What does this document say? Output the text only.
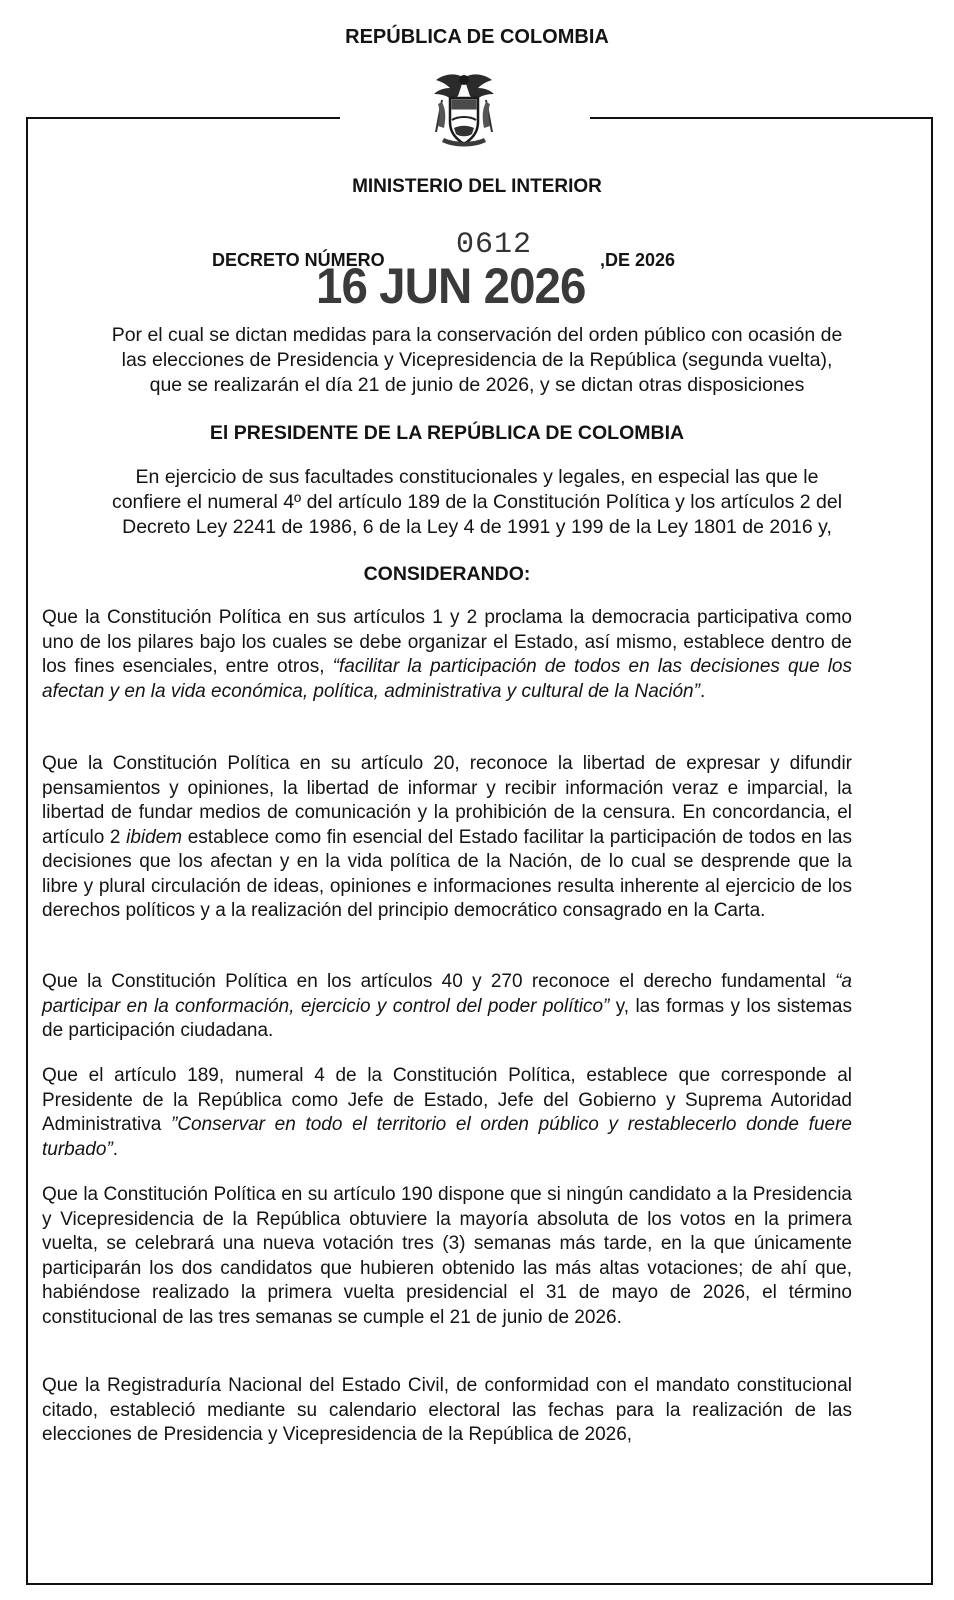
REPÚBLICA DE COLOMBIA
MINISTERIO DEL INTERIOR
DECRETO NÚMERO 0612	,DE 2026
16 JUN 2026
Por el cual se dictan medidas para la conservación del orden público con ocasión de
las elecciones de Presidencia y Vicepresidencia de la República (segunda vuelta),
que se realizarán el día 21 de junio de 2026, y se dictan otras disposiciones
El PRESIDENTE DE LA REPÚBLICA DE COLOMBIA
En ejercicio de sus facultades constitucionales y legales, en especial las que le
confiere el numeral 4º del artículo 189 de la Constitución Política y los artículos 2 del
Decreto Ley 2241 de 1986, 6 de la Ley 4 de 1991 y 199 de la Ley 1801 de 2016 y,
CONSIDERANDO:
Que la Constitución Política en sus artículos 1 y 2 proclama la democracia participativa como uno de los pilares bajo los cuales se debe organizar el Estado, así mismo, establece dentro de los fines esenciales, entre otros, “facilitar la participación de todos en las decisiones que los afectan y en la vida económica, política, administrativa y cultural de la Nación”.
Que la Constitución Política en su artículo 20, reconoce la libertad de expresar y difundir pensamientos y opiniones, la libertad de informar y recibir información veraz e imparcial, la libertad de fundar medios de comunicación y la prohibición de la censura. En concordancia, el artículo 2 ibidem establece como fin esencial del Estado facilitar la participación de todos en las decisiones que los afectan y en la vida política de la Nación, de lo cual se desprende que la libre y plural circulación de ideas, opiniones e informaciones resulta inherente al ejercicio de los derechos políticos y a la realización del principio democrático consagrado en la Carta.
Que la Constitución Política en los artículos 40 y 270 reconoce el derecho fundamental “a participar en la conformación, ejercicio y control del poder político” y, las formas y los sistemas de participación ciudadana.
Que el artículo 189, numeral 4 de la Constitución Política, establece que corresponde al Presidente de la República como Jefe de Estado, Jefe del Gobierno y Suprema Autoridad Administrativa ”Conservar en todo el territorio el orden público y restablecerlo donde fuere turbado”.
Que la Constitución Política en su artículo 190 dispone que si ningún candidato a la Presidencia y Vicepresidencia de la República obtuviere la mayoría absoluta de los votos en la primera vuelta, se celebrará una nueva votación tres (3) semanas más tarde, en la que únicamente participarán los dos candidatos que hubieren obtenido las más altas votaciones; de ahí que, habiéndose realizado la primera vuelta presidencial el 31 de mayo de 2026, el término constitucional de las tres semanas se cumple el 21 de junio de 2026.
Que la Registraduría Nacional del Estado Civil, de conformidad con el mandato constitucional citado, estableció mediante su calendario electoral las fechas para la realización de las elecciones de Presidencia y Vicepresidencia de la República de 2026,
